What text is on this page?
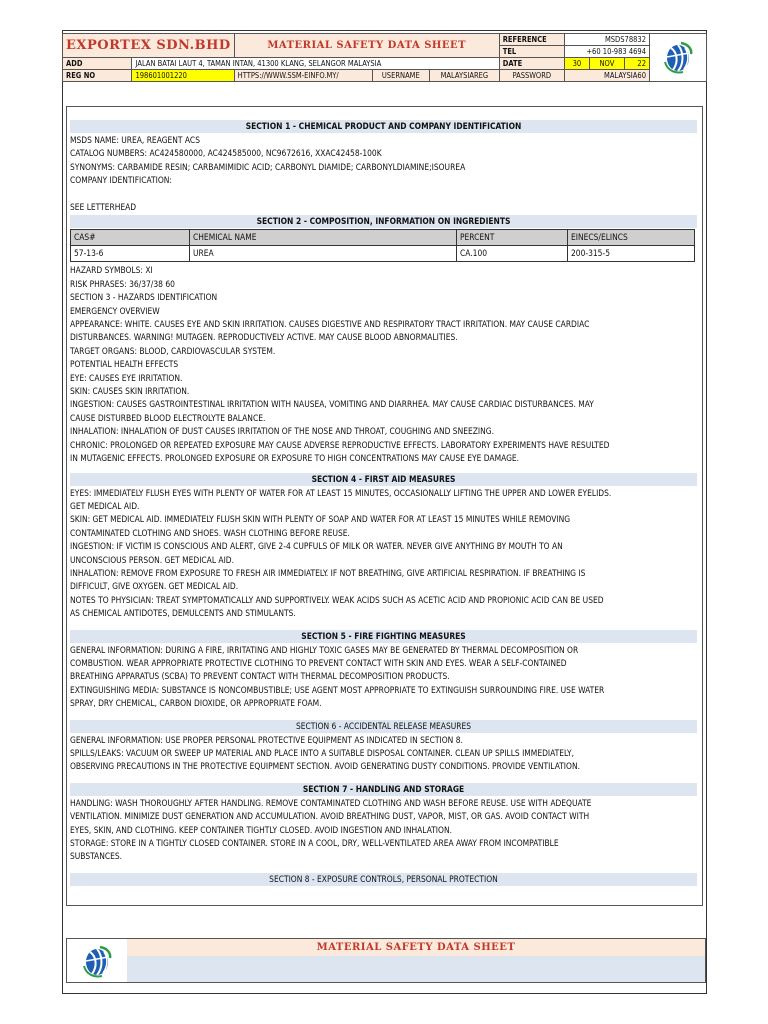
EXPORTEX SDN.BHD		MATERIAL SAFETY DATA SHEET			REFERENCE	MSDS78832	
					TEL	+60 10-983 4694			
ADD	JALAN BATAI LAUT 4, TAMAN INTAN, 41300 KLANG, SELANGOR MALAYSIA				DATE	30	NOV	22	
REG NO	198601001220	HTTPS://WWW.SSM-EINFO.MY/	USERNAME	MALAYSIAREG	PASSWORD	MALAYSIA60			
SECTION 1 - CHEMICAL PRODUCT AND COMPANY IDENTIFICATION
MSDS NAME: UREA, REAGENT ACS
CATALOG NUMBERS: AC424580000, AC424585000, NC9672616, XXAC42458-100K
SYNONYMS: CARBAMIDE RESIN; CARBAMIMIDIC ACID; CARBONYL DIAMIDE; CARBONYLDIAMINE;ISOUREA
COMPANY IDENTIFICATION:
SEE LETTERHEAD
SECTION 2 - COMPOSITION, INFORMATION ON INGREDIENTS
CAS#	CHEMICAL NAME	PERCENT	EINECS/ELINCS
57-13-6	UREA	CA.100	200-315-5
HAZARD SYMBOLS: XI
RISK PHRASES: 36/37/38 60
SECTION 3 - HAZARDS IDENTIFICATION
EMERGENCY OVERVIEW
APPEARANCE: WHITE. CAUSES EYE AND SKIN IRRITATION. CAUSES DIGESTIVE AND RESPIRATORY TRACT IRRITATION. MAY CAUSE CARDIAC
DISTURBANCES. WARNING! MUTAGEN. REPRODUCTIVELY ACTIVE. MAY CAUSE BLOOD ABNORMALITIES.
TARGET ORGANS: BLOOD, CARDIOVASCULAR SYSTEM.
POTENTIAL HEALTH EFFECTS
EYE: CAUSES EYE IRRITATION.
SKIN: CAUSES SKIN IRRITATION.
INGESTION: CAUSES GASTROINTESTINAL IRRITATION WITH NAUSEA, VOMITING AND DIARRHEA. MAY CAUSE CARDIAC DISTURBANCES. MAY
CAUSE DISTURBED BLOOD ELECTROLYTE BALANCE.
INHALATION: INHALATION OF DUST CAUSES IRRITATION OF THE NOSE AND THROAT, COUGHING AND SNEEZING.
CHRONIC: PROLONGED OR REPEATED EXPOSURE MAY CAUSE ADVERSE REPRODUCTIVE EFFECTS. LABORATORY EXPERIMENTS HAVE RESULTED
IN MUTAGENIC EFFECTS. PROLONGED EXPOSURE OR EXPOSURE TO HIGH CONCENTRATIONS MAY CAUSE EYE DAMAGE.
SECTION 4 - FIRST AID MEASURES
EYES: IMMEDIATELY FLUSH EYES WITH PLENTY OF WATER FOR AT LEAST 15 MINUTES, OCCASIONALLY LIFTING THE UPPER AND LOWER EYELIDS.
GET MEDICAL AID.
SKIN: GET MEDICAL AID. IMMEDIATELY FLUSH SKIN WITH PLENTY OF SOAP AND WATER FOR AT LEAST 15 MINUTES WHILE REMOVING
CONTAMINATED CLOTHING AND SHOES. WASH CLOTHING BEFORE REUSE.
INGESTION: IF VICTIM IS CONSCIOUS AND ALERT, GIVE 2-4 CUPFULS OF MILK OR WATER. NEVER GIVE ANYTHING BY MOUTH TO AN
UNCONSCIOUS PERSON. GET MEDICAL AID.
INHALATION: REMOVE FROM EXPOSURE TO FRESH AIR IMMEDIATELY. IF NOT BREATHING, GIVE ARTIFICIAL RESPIRATION. IF BREATHING IS
DIFFICULT, GIVE OXYGEN. GET MEDICAL AID.
NOTES TO PHYSICIAN: TREAT SYMPTOMATICALLY AND SUPPORTIVELY. WEAK ACIDS SUCH AS ACETIC ACID AND PROPIONIC ACID CAN BE USED
AS CHEMICAL ANTIDOTES, DEMULCENTS AND STIMULANTS.
SECTION 5 - FIRE FIGHTING MEASURES
GENERAL INFORMATION: DURING A FIRE, IRRITATING AND HIGHLY TOXIC GASES MAY BE GENERATED BY THERMAL DECOMPOSITION OR
COMBUSTION. WEAR APPROPRIATE PROTECTIVE CLOTHING TO PREVENT CONTACT WITH SKIN AND EYES. WEAR A SELF-CONTAINED
BREATHING APPARATUS (SCBA) TO PREVENT CONTACT WITH THERMAL DECOMPOSITION PRODUCTS.
EXTINGUISHING MEDIA: SUBSTANCE IS NONCOMBUSTIBLE; USE AGENT MOST APPROPRIATE TO EXTINGUISH SURROUNDING FIRE. USE WATER
SPRAY, DRY CHEMICAL, CARBON DIOXIDE, OR APPROPRIATE FOAM.
SECTION 6 - ACCIDENTAL RELEASE MEASURES
GENERAL INFORMATION: USE PROPER PERSONAL PROTECTIVE EQUIPMENT AS INDICATED IN SECTION 8.
SPILLS/LEAKS: VACUUM OR SWEEP UP MATERIAL AND PLACE INTO A SUITABLE DISPOSAL CONTAINER. CLEAN UP SPILLS IMMEDIATELY,
OBSERVING PRECAUTIONS IN THE PROTECTIVE EQUIPMENT SECTION. AVOID GENERATING DUSTY CONDITIONS. PROVIDE VENTILATION.
SECTION 7 - HANDLING AND STORAGE
HANDLING: WASH THOROUGHLY AFTER HANDLING. REMOVE CONTAMINATED CLOTHING AND WASH BEFORE REUSE. USE WITH ADEQUATE
VENTILATION. MINIMIZE DUST GENERATION AND ACCUMULATION. AVOID BREATHING DUST, VAPOR, MIST, OR GAS. AVOID CONTACT WITH
EYES, SKIN, AND CLOTHING. KEEP CONTAINER TIGHTLY CLOSED. AVOID INGESTION AND INHALATION.
STORAGE: STORE IN A TIGHTLY CLOSED CONTAINER. STORE IN A COOL, DRY, WELL-VENTILATED AREA AWAY FROM INCOMPATIBLE
SUBSTANCES.
SECTION 8 - EXPOSURE CONTROLS, PERSONAL PROTECTION
MATERIAL SAFETY DATA SHEET
